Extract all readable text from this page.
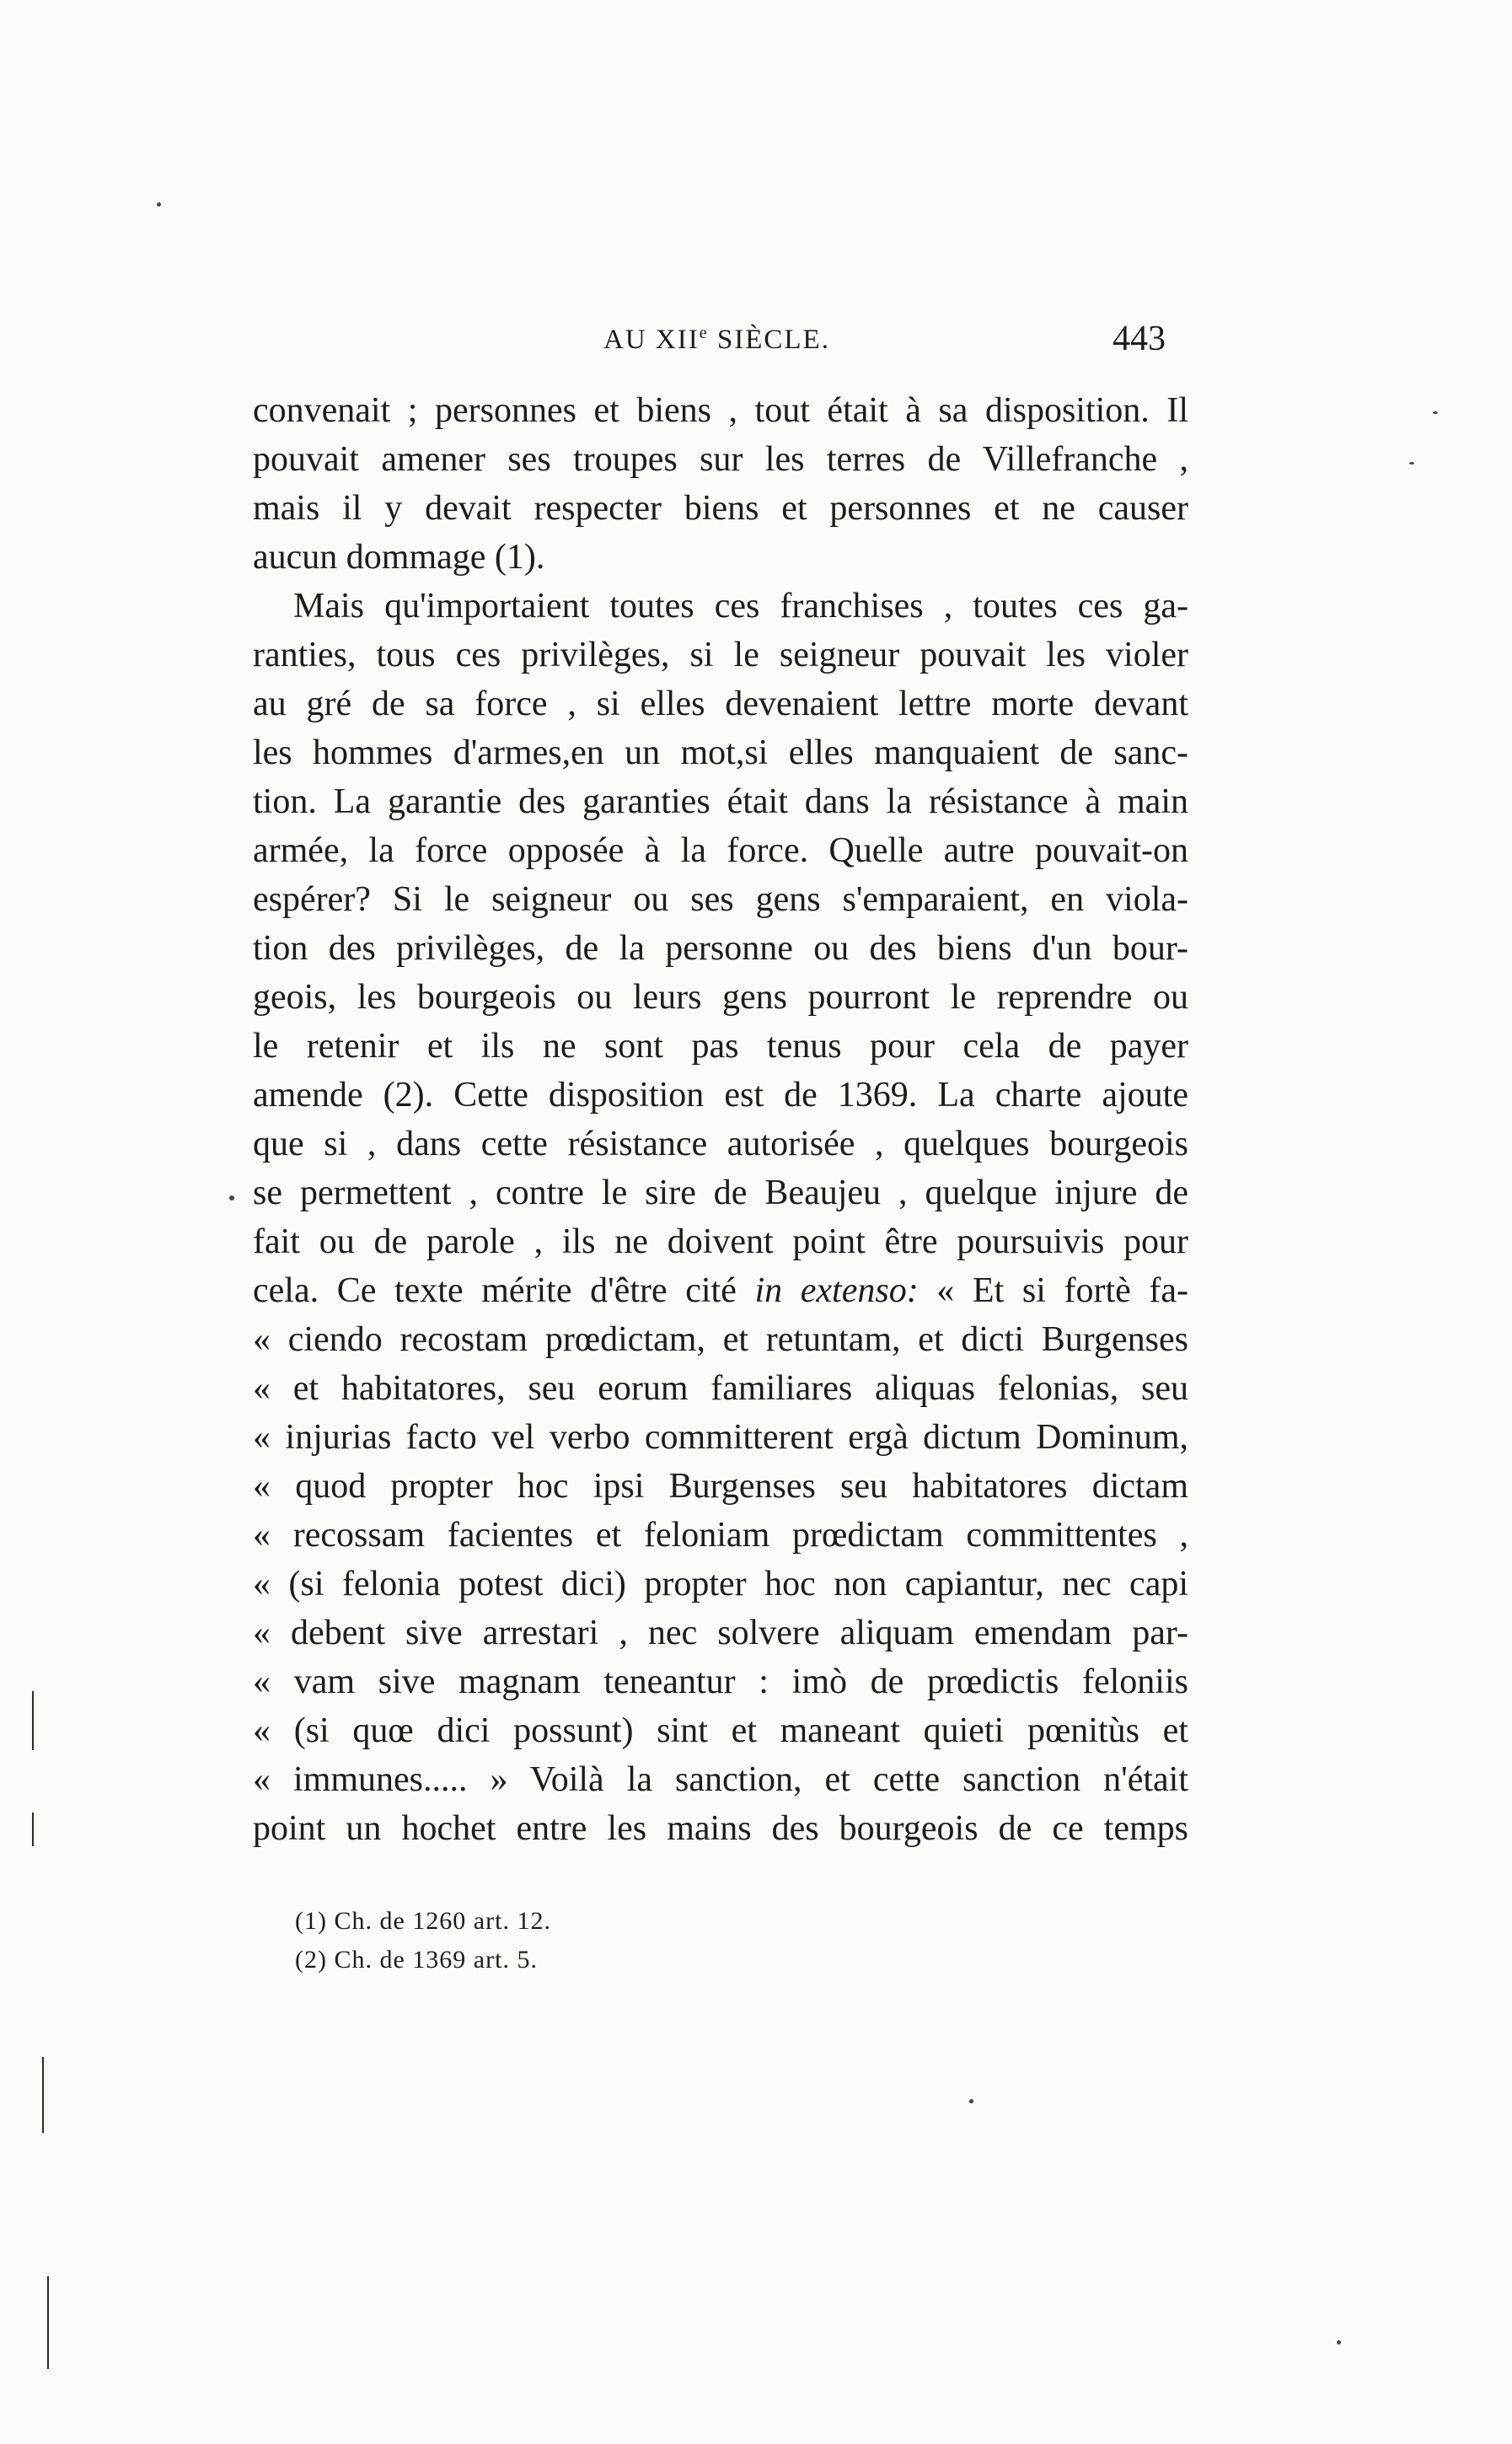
AU XIIe SIÈCLE.	443
convenait ; personnes et biens , tout était à sa disposition. Il
pouvait amener ses troupes sur les terres de Villefranche ,
mais il y devait respecter biens et personnes et ne causer
aucun dommage (1).
Mais qu'importaient toutes ces franchises , toutes ces ga-
ranties, tous ces privilèges, si le seigneur pouvait les violer
au gré de sa force , si elles devenaient lettre morte devant
les hommes d'armes,en un mot,si elles manquaient de sanc-
tion. La garantie des garanties était dans la résistance à main
armée, la force opposée à la force. Quelle autre pouvait-on
espérer? Si le seigneur ou ses gens s'emparaient, en viola-
tion des privilèges, de la personne ou des biens d'un bour-
geois, les bourgeois ou leurs gens pourront le reprendre ou
le retenir et ils ne sont pas tenus pour cela de payer
amende (2). Cette disposition est de 1369. La charte ajoute
que si , dans cette résistance autorisée , quelques bourgeois
se permettent , contre le sire de Beaujeu , quelque injure de
fait ou de parole , ils ne doivent point être poursuivis pour
cela. Ce texte mérite d'être cité in extenso: « Et si fortè fa-
« ciendo recostam prœdictam, et retuntam, et dicti Burgenses
« et habitatores, seu eorum familiares aliquas felonias, seu
« injurias facto vel verbo committerent ergà dictum Dominum,
« quod propter hoc ipsi Burgenses seu habitatores dictam
« recossam facientes et feloniam prœdictam committentes ,
« (si felonia potest dici) propter hoc non capiantur, nec capi
« debent sive arrestari , nec solvere aliquam emendam par-
« vam sive magnam teneantur : imò de prœdictis feloniis
« (si quœ dici possunt) sint et maneant quieti pœnitùs et
« immunes..... » Voilà la sanction, et cette sanction n'était
point un hochet entre les mains des bourgeois de ce temps
(1) Ch. de 1260 art. 12.
(2) Ch. de 1369 art. 5.
